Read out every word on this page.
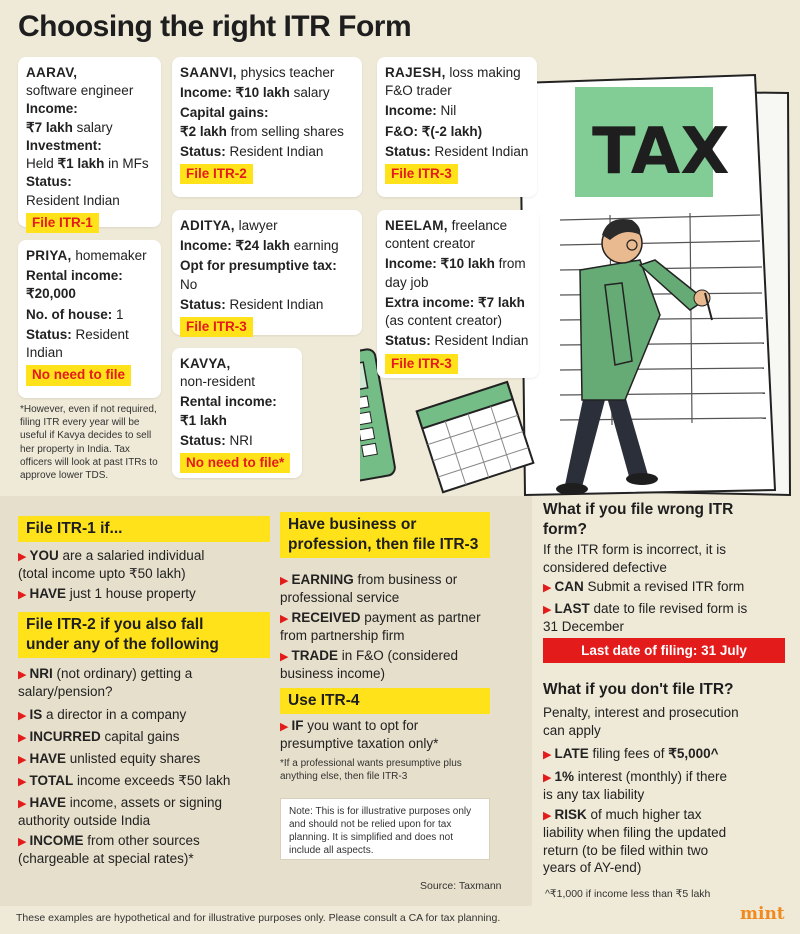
Choosing the right ITR Form
TAX
AARAV,
software engineer
Income:
₹7 lakh salary
Investment:
Held ₹1 lakh in MFs
Status:
Resident Indian
File ITR-1
SAANVI, physics teacher
Income: ₹10 lakh salary
Capital gains:
₹2 lakh from selling shares
Status: Resident Indian
File ITR-2
RAJESH, loss making
F&O trader
Income: Nil
F&O: ₹(-2 lakh)
Status: Resident Indian
File ITR-3
PRIYA, homemaker
Rental income:
₹20,000
No. of house: 1
Status: Resident
Indian
No need to file
ADITYA, lawyer
Income: ₹24 lakh earning
Opt for presumptive tax:
No
Status: Resident Indian
File ITR-3
NEELAM, freelance
content creator
Income: ₹10 lakh from
day job
Extra income: ₹7 lakh
(as content creator)
Status: Resident Indian
File ITR-3
KAVYA,
non-resident
Rental income:
₹1 lakh
Status: NRI
No need to file*
*However, even if not required,
filing ITR every year will be
useful if Kavya decides to sell
her property in India. Tax
officers will look at past ITRs to
approve lower TDS.
File ITR-1 if...
▶ YOU are a salaried individual
(total income upto ₹50 lakh)
▶ HAVE just 1 house property
File ITR-2 if you also fall
under any of the following
▶ NRI (not ordinary) getting a
salary/pension?
▶ IS a director in a company
▶ INCURRED capital gains
▶ HAVE unlisted equity shares
▶ TOTAL income exceeds ₹50 lakh
▶ HAVE income, assets or signing
authority outside India
▶ INCOME from other sources
(chargeable at special rates)*
Have business or
profession, then file ITR-3
▶ EARNING from business or
professional service
▶ RECEIVED payment as partner
from partnership firm
▶ TRADE in F&O (considered
business income)
Use ITR-4
▶ IF you want to opt for
presumptive taxation only*
*If a professional wants presumptive plus
anything else, then file ITR-3
Note: This is for illustrative purposes only
and should not be relied upon for tax
planning. It is simplified and does not
include all aspects.
Source: Taxmann
What if you file wrong ITR
form?
If the ITR form is incorrect, it is
considered defective
▶ CAN Submit a revised ITR form
▶ LAST date to file revised form is
31 December
Last date of filing: 31 July
What if you don't file ITR?
Penalty, interest and prosecution
can apply
▶ LATE filing fees of ₹5,000^
▶ 1% interest (monthly) if there
is any tax liability
▶ RISK of much higher tax
liability when filing the updated
return (to be filed within two
years of AY-end)
^₹1,000 if income less than ₹5 lakh
These examples are hypothetical and for illustrative purposes only. Please consult a CA for tax planning.	mint
